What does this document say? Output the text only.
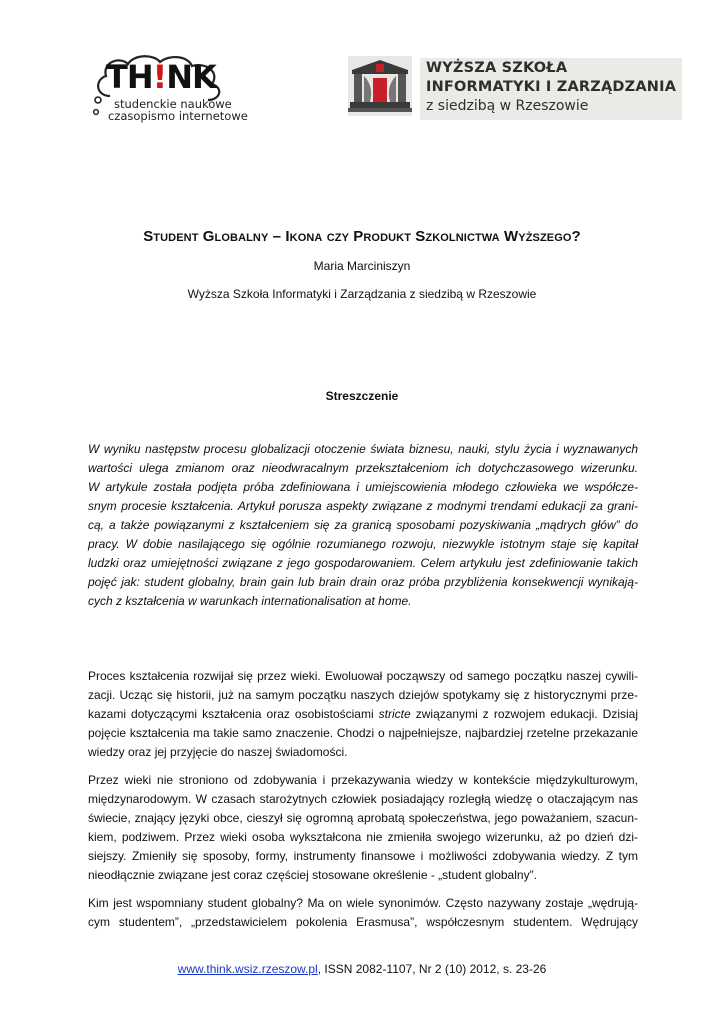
TH!NK
studenckie naukowe
czasopismo internetowe
WYŻSZA SZKOŁA
INFORMATYKI I ZARZĄDZANIA
z siedzibą w Rzeszowie
Student Globalny – Ikona czy Produkt Szkolnictwa Wyższego?
Maria Marciniszyn
Wyższa Szkoła Informatyki i Zarządzania z siedzibą w Rzeszowie
Streszczenie
W wyniku następstw procesu globalizacji otoczenie świata biznesu, nauki, stylu życia i wyznawanych
wartości ulega zmianom oraz nieodwracalnym przekształceniom ich dotychczasowego wizerunku.
W artykule została podjęta próba zdefiniowana i umiejscowienia młodego człowieka we współcze-
snym procesie kształcenia. Artykuł porusza aspekty związane z modnymi trendami edukacji za grani-
cą, a także powiązanymi z kształceniem się za granicą sposobami pozyskiwania „mądrych głów” do
pracy. W dobie nasilającego się ogólnie rozumianego rozwoju, niezwykle istotnym staje się kapitał
ludzki oraz umiejętności związane z jego gospodarowaniem. Celem artykułu jest zdefiniowanie takich
pojęć jak: student globalny, brain gain lub brain drain oraz próba przybliżenia konsekwencji wynikają-
cych z kształcenia w warunkach internationalisation at home.
Proces kształcenia rozwijał się przez wieki. Ewoluował począwszy od samego początku naszej cywili-
zacji. Ucząc się historii, już na samym początku naszych dziejów spotykamy się z historycznymi prze-
kazami dotyczącymi kształcenia oraz osobistościami stricte związanymi z rozwojem edukacji. Dzisiaj
pojęcie kształcenia ma takie samo znaczenie. Chodzi o najpełniejsze, najbardziej rzetelne przekazanie
wiedzy oraz jej przyjęcie do naszej świadomości.
Przez wieki nie stroniono od zdobywania i przekazywania wiedzy w kontekście międzykulturowym,
międzynarodowym. W czasach starożytnych człowiek posiadający rozległą wiedzę o otaczającym nas
świecie, znający języki obce, cieszył się ogromną aprobatą społeczeństwa, jego poważaniem, szacun-
kiem, podziwem. Przez wieki osoba wykształcona nie zmieniła swojego wizerunku, aż po dzień dzi-
siejszy. Zmieniły się sposoby, formy, instrumenty finansowe i możliwości zdobywania wiedzy. Z tym
nieodłącznie związane jest coraz częściej stosowane określenie - „student globalny”.
Kim jest wspomniany student globalny? Ma on wiele synonimów. Często nazywany zostaje „wędrują-
cym studentem”, „przedstawicielem pokolenia Erasmusa”, współczesnym studentem. Wędrujący
www.think.wsiz.rzeszow.pl, ISSN 2082-1107, Nr 2 (10) 2012, s. 23-26
